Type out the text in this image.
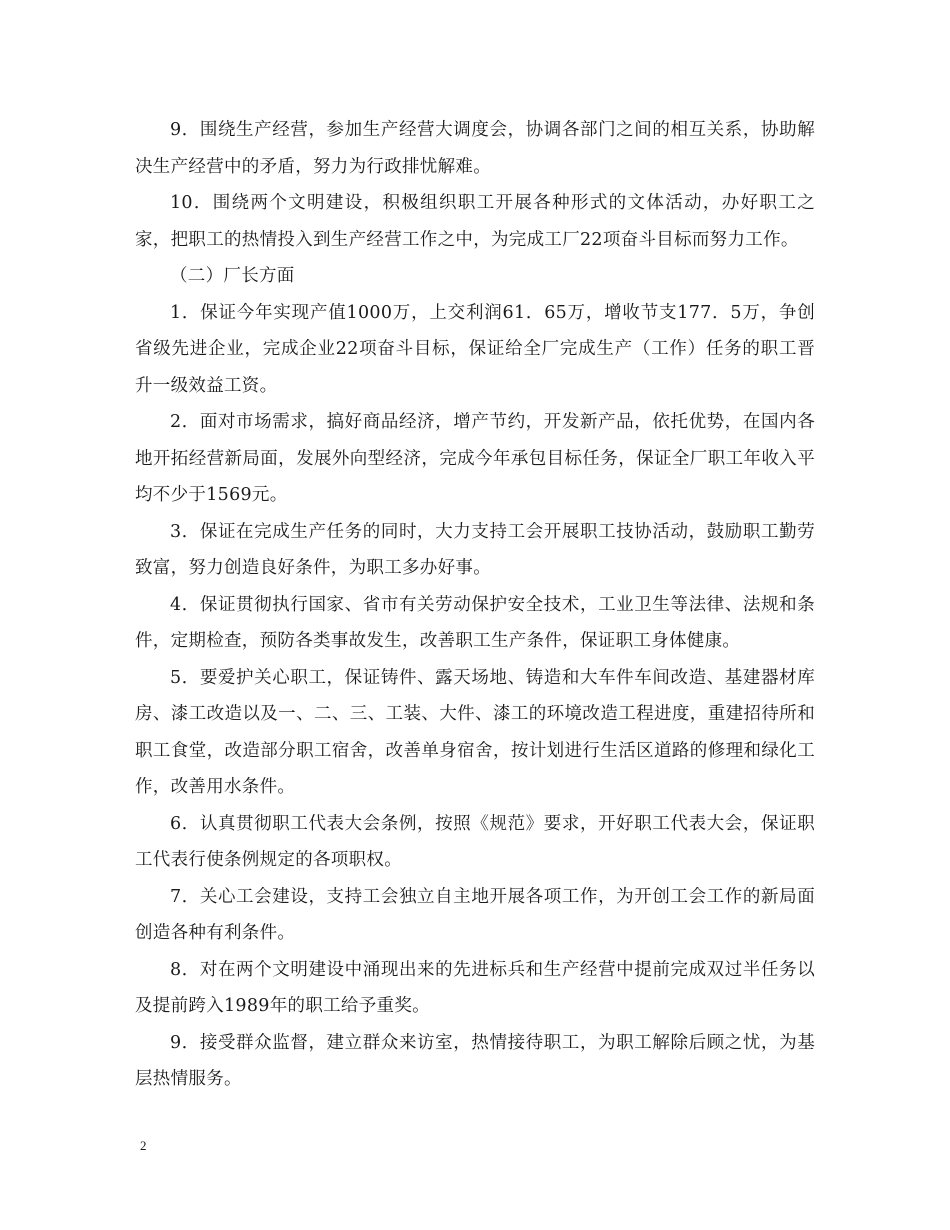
9．围绕生产经营，参加生产经营大调度会，协调各部门之间的相互关系，协助解决生产经营中的矛盾，努力为行政排忧解难。

10．围绕两个文明建设，积极组织职工开展各种形式的文体活动，办好职工之家，把职工的热情投入到生产经营工作之中，为完成工厂22项奋斗目标而努力工作。

（二）厂长方面

1．保证今年实现产值1000万，上交利润61．65万，增收节支177．5万，争创省级先进企业，完成企业22项奋斗目标，保证给全厂完成生产（工作）任务的职工晋升一级效益工资。

2．面对市场需求，搞好商品经济，增产节约，开发新产品，依托优势，在国内各地开拓经营新局面，发展外向型经济，完成今年承包目标任务，保证全厂职工年收入平均不少于1569元。

3．保证在完成生产任务的同时，大力支持工会开展职工技协活动，鼓励职工勤劳致富，努力创造良好条件，为职工多办好事。

4．保证贯彻执行国家、省市有关劳动保护安全技术，工业卫生等法律、法规和条件，定期检查，预防各类事故发生，改善职工生产条件，保证职工身体健康。

5．要爱护关心职工，保证铸件、露天场地、铸造和大车件车间改造、基建器材库房、漆工改造以及一、二、三、工装、大件、漆工的环境改造工程进度，重建招待所和职工食堂，改造部分职工宿舍，改善单身宿舍，按计划进行生活区道路的修理和绿化工作，改善用水条件。

6．认真贯彻职工代表大会条例，按照《规范》要求，开好职工代表大会，保证职工代表行使条例规定的各项职权。

7．关心工会建设，支持工会独立自主地开展各项工作，为开创工会工作的新局面创造各种有利条件。

8．对在两个文明建设中涌现出来的先进标兵和生产经营中提前完成双过半任务以及提前跨入1989年的职工给予重奖。

9．接受群众监督，建立群众来访室，热情接待职工，为职工解除后顾之忧，为基层热情服务。

2
